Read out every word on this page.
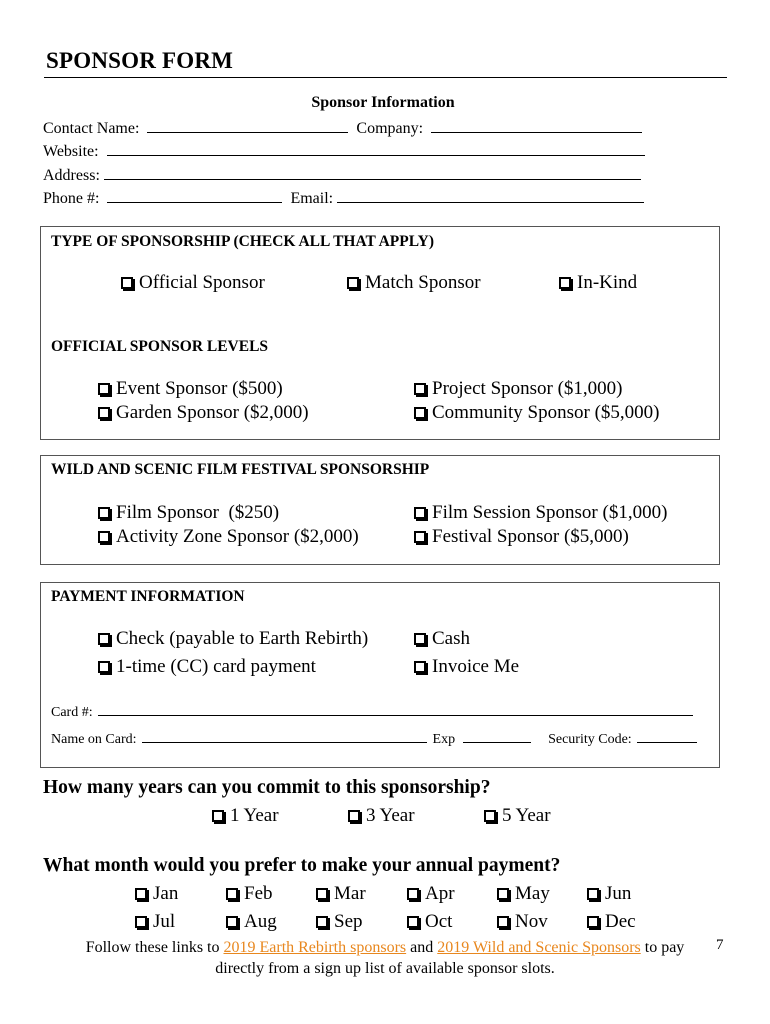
SPONSOR FORM
Sponsor Information
Contact Name:	Company:
Website:
Address:
Phone #:	Email:
TYPE OF SPONSORSHIP (CHECK ALL THAT APPLY)
Official Sponsor	Match Sponsor	In-Kind
OFFICIAL SPONSOR LEVELS
Event Sponsor ($500)	Project Sponsor ($1,000)
Garden Sponsor ($2,000)	Community Sponsor ($5,000)
WILD AND SCENIC FILM FESTIVAL SPONSORSHIP
Film Sponsor  ($250)	Film Session Sponsor ($1,000)
Activity Zone Sponsor ($2,000)	Festival Sponsor ($5,000)
PAYMENT INFORMATION
Check (payable to Earth Rebirth)	Cash
1-time (CC) card payment	Invoice Me
Card #:
Name on Card:	Exp	Security Code:
How many years can you commit to this sponsorship?
1 Year	3 Year	5 Year
What month would you prefer to make your annual payment?
Jan	Feb	Mar	Apr	May	Jun
Jul	Aug	Sep	Oct	Nov	Dec
Follow these links to 2019 Earth Rebirth sponsors and 2019 Wild and Scenic Sponsors to pay	7
directly from a sign up list of available sponsor slots.
